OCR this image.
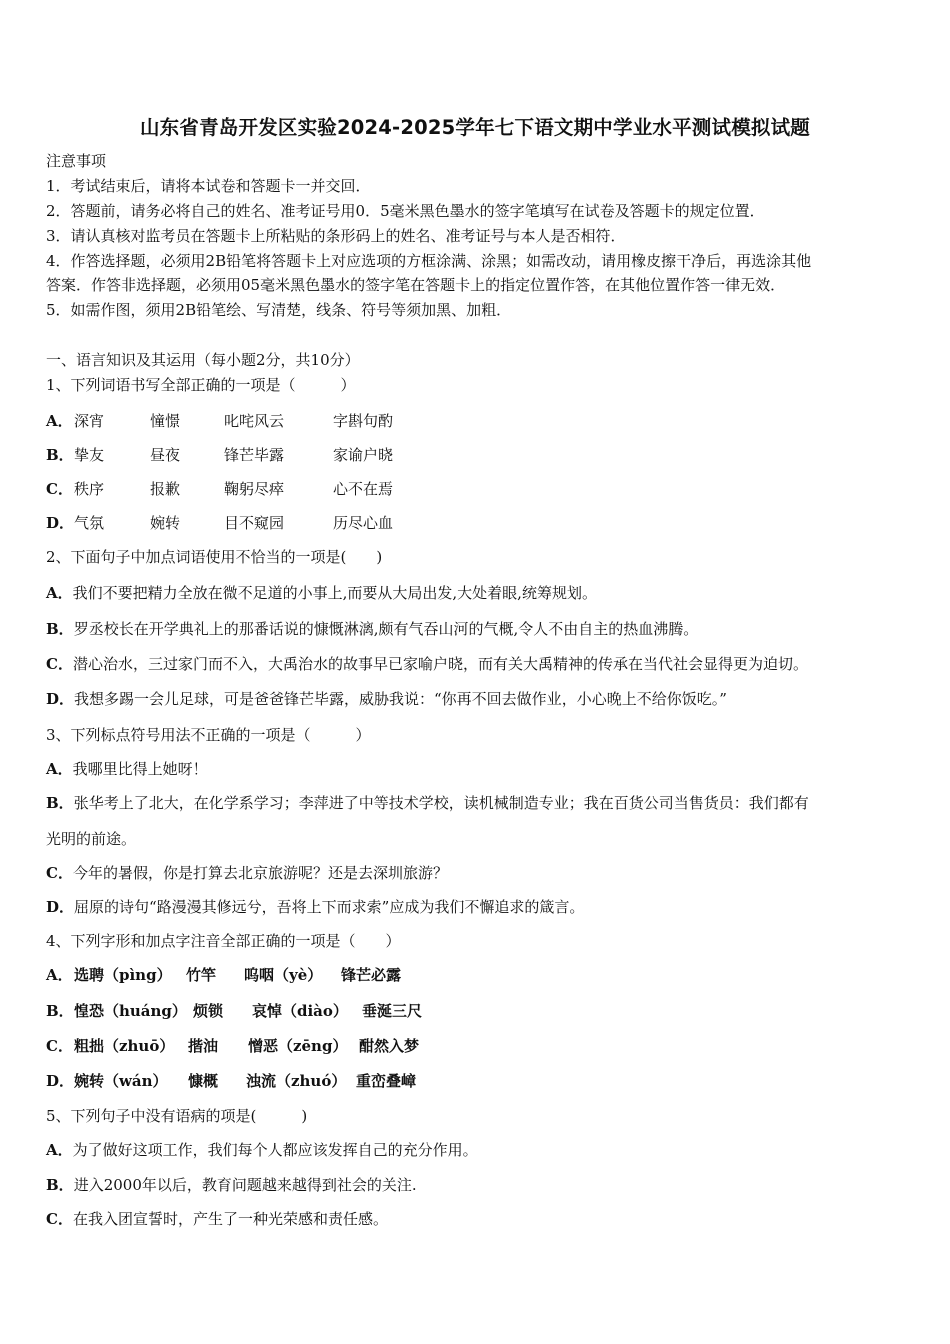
山东省青岛开发区实验2024-2025学年七下语文期中学业水平测试模拟试题
注意事项
1．考试结束后，请将本试卷和答题卡一并交回．
2．答题前，请务必将自己的姓名、准考证号用0．5毫米黑色墨水的签字笔填写在试卷及答题卡的规定位置．
3．请认真核对监考员在答题卡上所粘贴的条形码上的姓名、准考证号与本人是否相符．
4．作答选择题，必须用2B铅笔将答题卡上对应选项的方框涂满、涂黑；如需改动，请用橡皮擦干净后，再选涂其他
答案．作答非选择题，必须用05毫米黑色墨水的签字笔在答题卡上的指定位置作答，在其他位置作答一律无效．
5．如需作图，须用2B铅笔绘、写清楚，线条、符号等须加黑、加粗．
一、语言知识及其运用（每小题2分，共10分）
1、下列词语书写全部正确的一项是（　　　）
A． 深宵	憧憬	叱咤风云	字斟句酌
B． 挚友	昼夜	锋芒毕露	家谕户晓
C． 秩序	报歉	鞠躬尽瘁	心不在焉
D． 气氛	婉转	目不窥园	历尽心血
2、下面句子中加点词语使用不恰当的一项是(　　)
A．我们不要把精力全放在微不足道的小事上,而要从大局出发,大处着眼,统筹规划。
B．罗丞校长在开学典礼上的那番话说的慷慨淋漓,颇有气吞山河的气概,令人不由自主的热血沸腾。
C．潜心治水，三过家门而不入，大禹治水的故事早已家喻户晓，而有关大禹精神的传承在当代社会显得更为迫切。
D．我想多踢一会儿足球，可是爸爸锋芒毕露，威胁我说：“你再不回去做作业，小心晚上不给你饭吃。”
3、下列标点符号用法不正确的一项是（　　　）
A．我哪里比得上她呀！
B．张华考上了北大，在化学系学习；李萍进了中等技术学校，读机械制造专业；我在百货公司当售货员：我们都有
光明的前途。
C．今年的暑假，你是打算去北京旅游呢？还是去深圳旅游？
D．屈原的诗句“路漫漫其修远兮，吾将上下而求索”应成为我们不懈追求的箴言。
4、下列字形和加点字注音全部正确的一项是（　　）
A． 选聘（pìng） 竹竿 呜咽（yè） 锋芒必露
B． 惶恐（huáng） 烦锁 哀悼（diào） 垂涎三尺
C． 粗拙（zhuō） 揩油 憎恶（zēng） 酣然入梦
D． 婉转（wán） 慷概 浊流（zhuó） 重峦叠嶂
5、下列句子中没有语病的项是(　　　)
A．为了做好这项工作，我们每个人都应该发挥自己的充分作用。
B．进入2000年以后，教育问题越来越得到社会的关注.
C．在我入团宣誓时，产生了一种光荣感和责任感。
